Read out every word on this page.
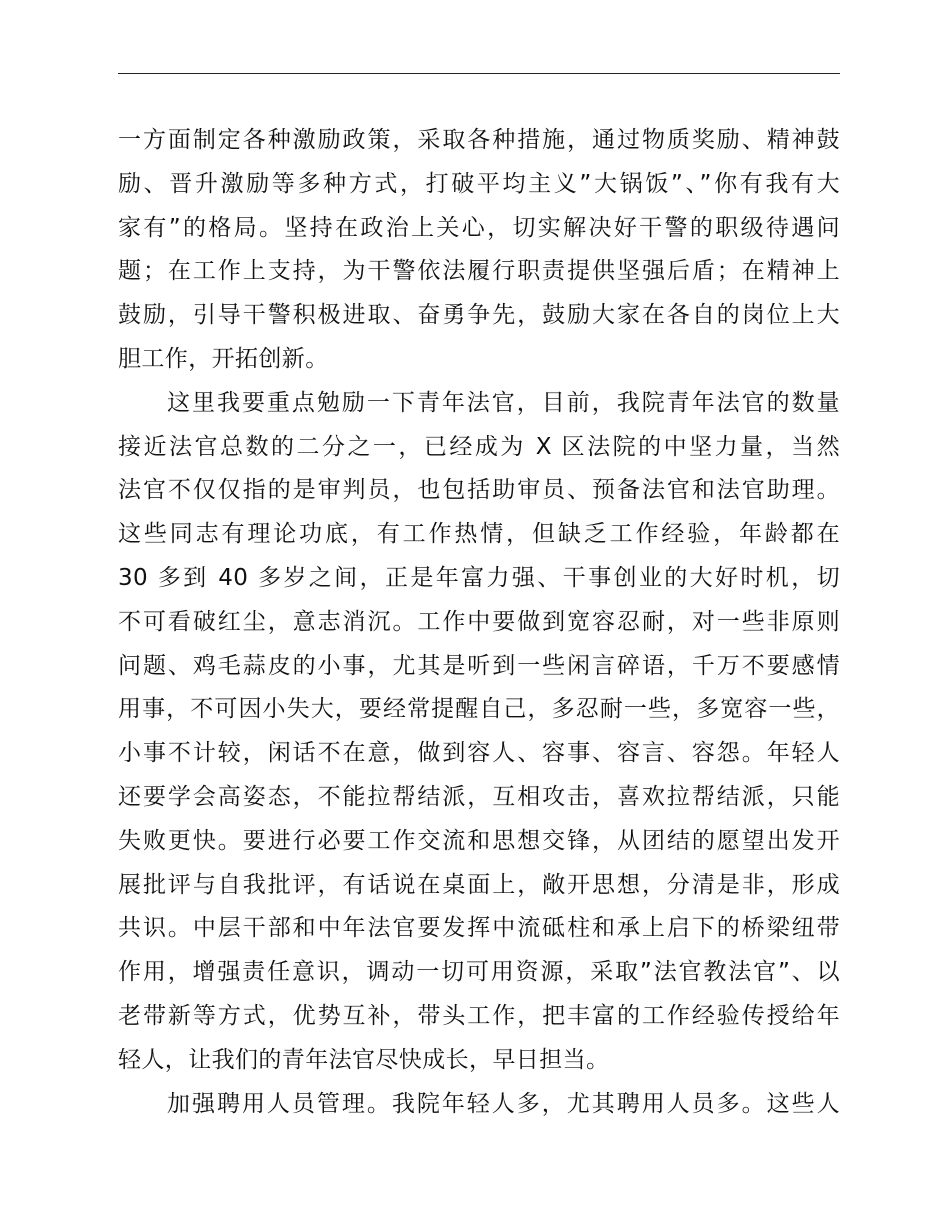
一方面制定各种激励政策，采取各种措施，通过物质奖励、精神鼓
励、晋升激励等多种方式，打破平均主义”大锅饭”、”你有我有大
家有”的格局。坚持在政治上关心，切实解决好干警的职级待遇问
题；在工作上支持，为干警依法履行职责提供坚强后盾；在精神上
鼓励，引导干警积极进取、奋勇争先，鼓励大家在各自的岗位上大
胆工作，开拓创新。
这里我要重点勉励一下青年法官，目前，我院青年法官的数量
接近法官总数的二分之一，已经成为 X 区法院的中坚力量，当然
法官不仅仅指的是审判员，也包括助审员、预备法官和法官助理。
这些同志有理论功底，有工作热情，但缺乏工作经验，年龄都在
30 多到 40 多岁之间，正是年富力强、干事创业的大好时机，切
不可看破红尘，意志消沉。工作中要做到宽容忍耐，对一些非原则
问题、鸡毛蒜皮的小事，尤其是听到一些闲言碎语，千万不要感情
用事，不可因小失大，要经常提醒自己，多忍耐一些，多宽容一些，
小事不计较，闲话不在意，做到容人、容事、容言、容怨。年轻人
还要学会高姿态，不能拉帮结派，互相攻击，喜欢拉帮结派，只能
失败更快。要进行必要工作交流和思想交锋，从团结的愿望出发开
展批评与自我批评，有话说在桌面上，敞开思想，分清是非，形成
共识。中层干部和中年法官要发挥中流砥柱和承上启下的桥梁纽带
作用，增强责任意识，调动一切可用资源，采取”法官教法官”、以
老带新等方式，优势互补，带头工作，把丰富的工作经验传授给年
轻人，让我们的青年法官尽快成长，早日担当。
加强聘用人员管理。我院年轻人多，尤其聘用人员多。这些人
